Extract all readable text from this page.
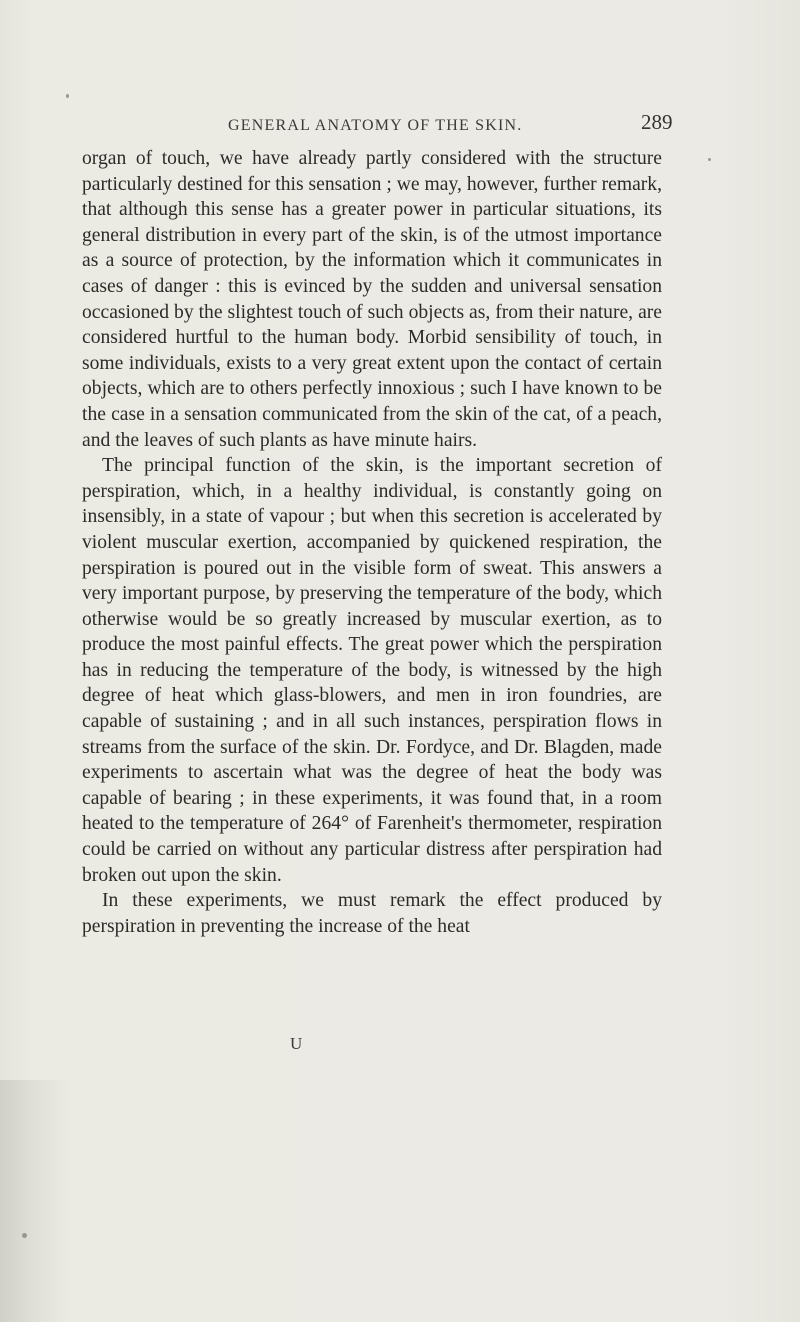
GENERAL ANATOMY OF THE SKIN.	289

organ of touch, we have already partly considered with the structure particularly destined for this sensation ; we may, however, further remark, that although this sense has a greater power in particular situations, its general distribution in every part of the skin, is of the utmost importance as a source of protection, by the information which it communicates in cases of danger : this is evinced by the sudden and universal sensation occasioned by the slightest touch of such objects as, from their nature, are considered hurtful to the human body. Morbid sensibility of touch, in some individuals, exists to a very great extent upon the contact of certain objects, which are to others perfectly innoxious ; such I have known to be the case in a sensation communicated from the skin of the cat, of a peach, and the leaves of such plants as have minute hairs.

The principal function of the skin, is the important secretion of perspiration, which, in a healthy individual, is constantly going on insensibly, in a state of vapour ; but when this secretion is accelerated by violent muscular exertion, accompanied by quickened respiration, the perspiration is poured out in the visible form of sweat. This answers a very important purpose, by preserving the temperature of the body, which otherwise would be so greatly increased by muscular exertion, as to produce the most painful effects. The great power which the perspiration has in reducing the temperature of the body, is witnessed by the high degree of heat which glass-blowers, and men in iron foundries, are capable of sustaining ; and in all such instances, perspiration flows in streams from the surface of the skin. Dr. Fordyce, and Dr. Blagden, made experiments to ascertain what was the degree of heat the body was capable of bearing ; in these experiments, it was found that, in a room heated to the temperature of 264° of Farenheit's thermometer, respiration could be carried on without any particular distress after perspiration had broken out upon the skin.

In these experiments, we must remark the effect produced by perspiration in preventing the increase of the heat

U
